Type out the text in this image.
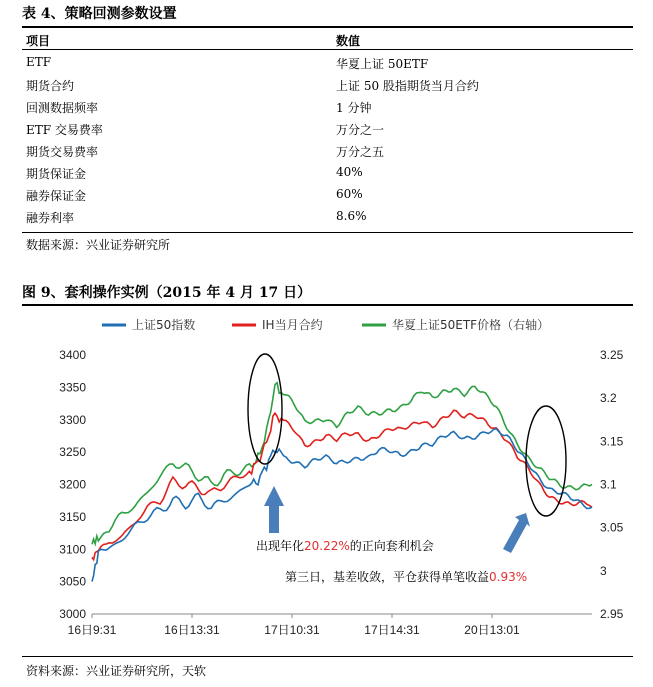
表 4、策略回测参数设置
项目	数值
ETF	华夏上证 50ETF
期货合约	上证 50 股指期货当月合约
回测数据频率	1 分钟
ETF 交易费率	万分之一
期货交易费率	万分之五
期货保证金	40%
融券保证金	60%
融券利率	8.6%
数据来源：兴业证券研究所
图 9、套利操作实例（2015 年 4 月 17 日）
3000
3050
3100
3150
3200
3250
3300
3350
3400
2.95
3
3.05
3.1
3.15
3.2
3.25
16日9:31	16日13:31	17日10:31	17日14:31	20日13:01
上证50指数	IH当月合约	华夏上证50ETF价格（右轴）
出现年化20.22%的正向套利机会
第三日，基差收敛，平仓获得单笔收益0.93%
资料来源：兴业证券研究所，天软
